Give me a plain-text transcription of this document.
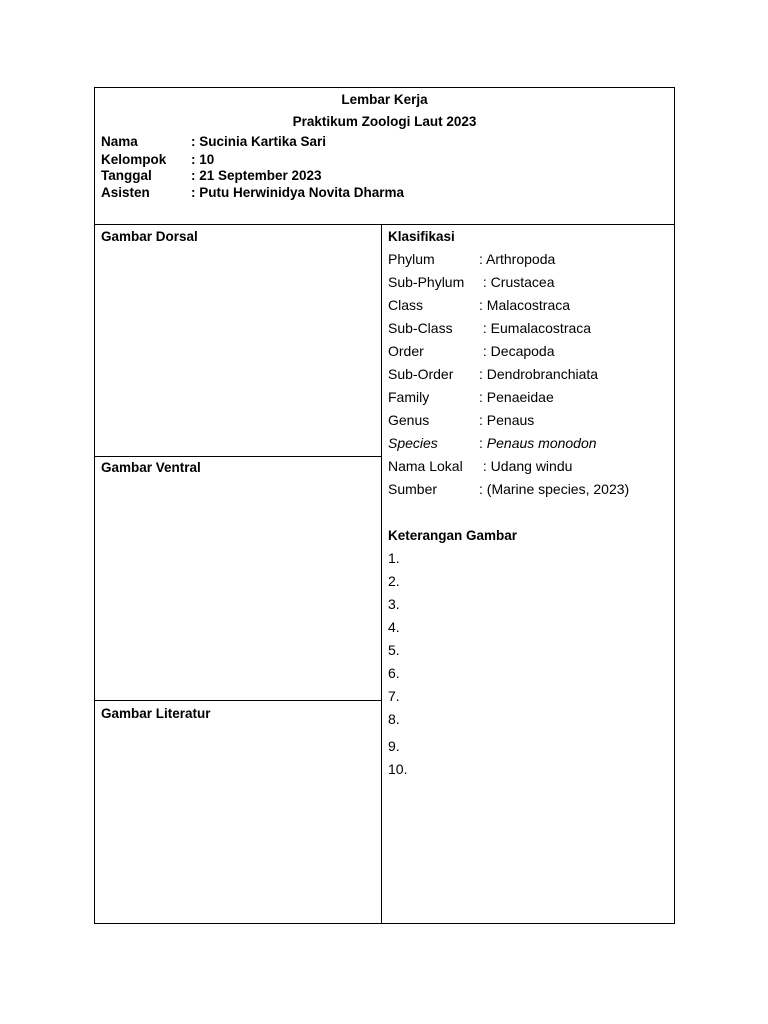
Lembar Kerja
Praktikum Zoologi Laut 2023
Nama	: Sucinia Kartika Sari
Kelompok : 10
Tanggal	: 21 September 2023
Asisten	: Putu Herwinidya Novita Dharma
Gambar Dorsal
Gambar Ventral
Gambar Literatur
Klasifikasi
Phylum	: Arthropoda
Sub-Phylum : Crustacea
Class	: Malacostraca
Sub-Class : Eumalacostraca
Order	: Decapoda
Sub-Order : Dendrobranchiata
Family	: Penaeidae
Genus	: Penaus
Species	: Penaus monodon
Nama Lokal : Udang windu
Sumber	: (Marine species, 2023)
Keterangan Gambar
1.
2.
3.
4.
5.
6.
7.
8.
9.
10.
